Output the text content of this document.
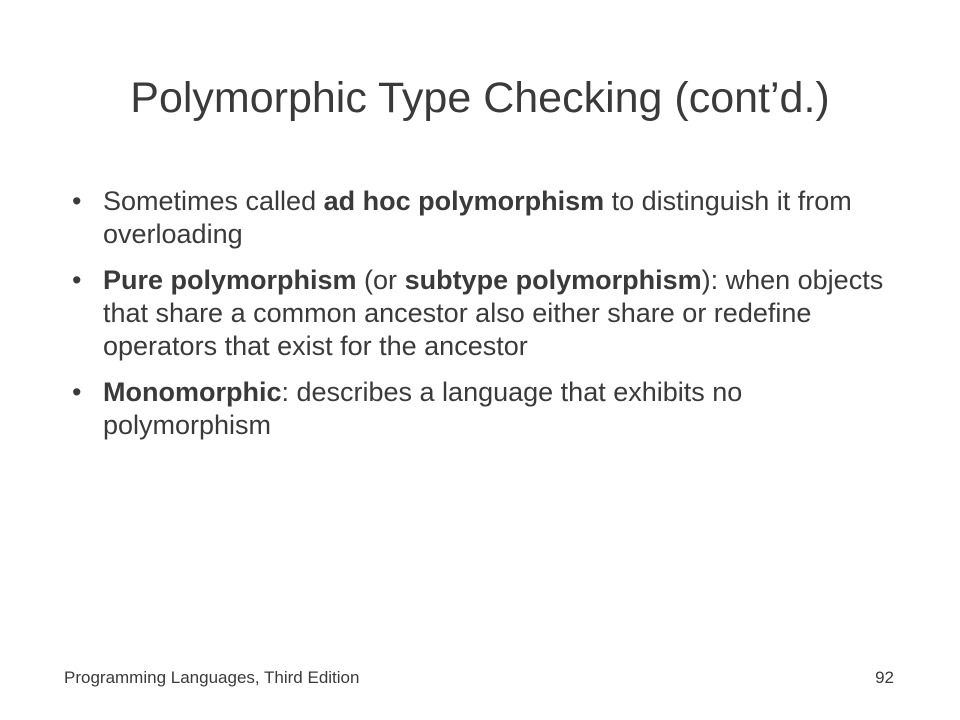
Polymorphic Type Checking (cont’d.)
• Sometimes called ad hoc polymorphism to distinguish it from overloading
• Pure polymorphism (or subtype polymorphism): when objects that share a common ancestor also either share or redefine operators that exist for the ancestor
• Monomorphic: describes a language that exhibits no polymorphism
Programming Languages, Third Edition	92
